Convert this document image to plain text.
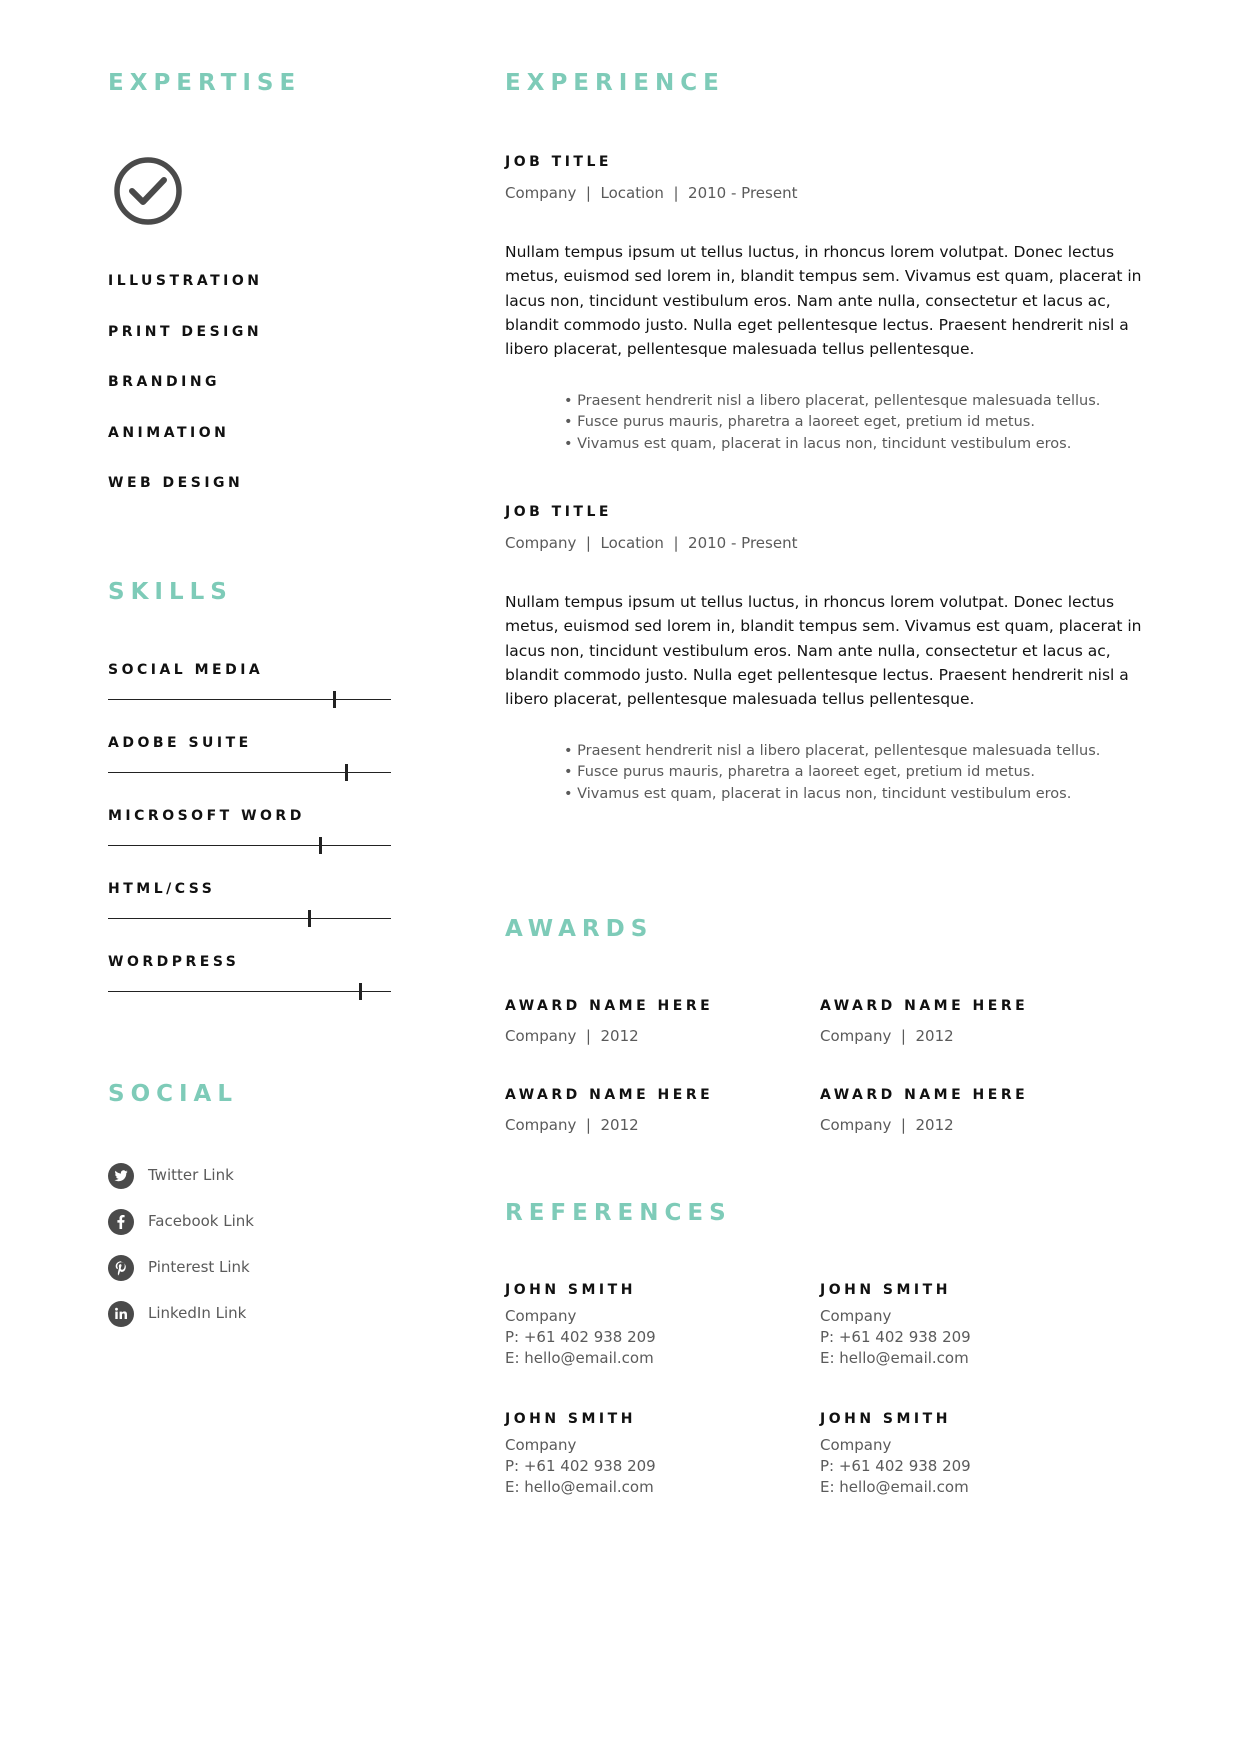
EXPERTISE
ILLUSTRATION
PRINT DESIGN
BRANDING
ANIMATION
WEB DESIGN
SKILLS
SOCIAL MEDIA
ADOBE SUITE
MICROSOFT WORD
HTML/CSS
WORDPRESS
SOCIAL
Twitter Link
Facebook Link
Pinterest Link
LinkedIn Link
EXPERIENCE
JOB TITLE
Company  |  Location  |  2010 - Present

Nullam tempus ipsum ut tellus luctus, in rhoncus lorem volutpat. Donec lectus metus, euismod sed lorem in, blandit tempus sem. Vivamus est quam, placerat in lacus non, tincidunt vestibulum eros. Nam ante nulla, consectetur et lacus ac, blandit commodo justo. Nulla eget pellentesque lectus. Praesent hendrerit nisl a libero placerat, pellentesque malesuada tellus pellentesque.

• Praesent hendrerit nisl a libero placerat, pellentesque malesuada tellus.
• Fusce purus mauris, pharetra a laoreet eget, pretium id metus.
• Vivamus est quam, placerat in lacus non, tincidunt vestibulum eros.
JOB TITLE
Company  |  Location  |  2010 - Present

Nullam tempus ipsum ut tellus luctus, in rhoncus lorem volutpat. Donec lectus metus, euismod sed lorem in, blandit tempus sem. Vivamus est quam, placerat in lacus non, tincidunt vestibulum eros. Nam ante nulla, consectetur et lacus ac, blandit commodo justo. Nulla eget pellentesque lectus. Praesent hendrerit nisl a libero placerat, pellentesque malesuada tellus pellentesque.

• Praesent hendrerit nisl a libero placerat, pellentesque malesuada tellus.
• Fusce purus mauris, pharetra a laoreet eget, pretium id metus.
• Vivamus est quam, placerat in lacus non, tincidunt vestibulum eros.
AWARDS
AWARD NAME HERE
Company  |  2012
AWARD NAME HERE
Company  |  2012
AWARD NAME HERE
Company  |  2012
AWARD NAME HERE
Company  |  2012
REFERENCES
JOHN SMITH
Company
P: +61 402 938 209
E: hello@email.com
JOHN SMITH
Company
P: +61 402 938 209
E: hello@email.com
JOHN SMITH
Company
P: +61 402 938 209
E: hello@email.com
JOHN SMITH
Company
P: +61 402 938 209
E: hello@email.com
